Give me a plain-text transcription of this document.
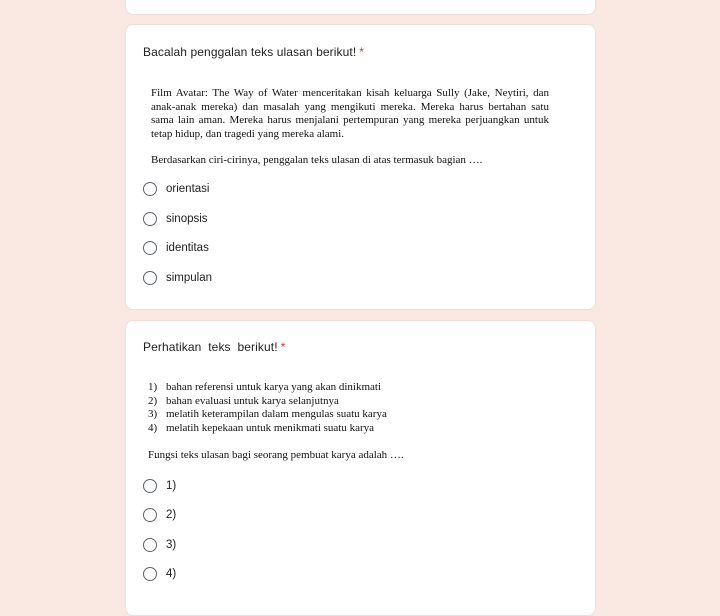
Bacalah penggalan teks ulasan berikut! *
Film Avatar: The Way of Water menceritakan kisah keluarga Sully (Jake, Neytiri, dan anak-anak mereka) dan masalah yang mengikuti mereka. Mereka harus bertahan satu sama lain aman. Mereka harus menjalani pertempuran yang mereka perjuangkan untuk tetap hidup, dan tragedi yang mereka alami.
Berdasarkan ciri-cirinya, penggalan teks ulasan di atas termasuk bagian ….
orientasi
sinopsis
identitas
simpulan
Perhatikan  teks  berikut! *
1) bahan referensi untuk karya yang akan dinikmati
2) bahan evaluasi untuk karya selanjutnya
3) melatih keterampilan dalam mengulas suatu karya
4) melatih kepekaan untuk menikmati suatu karya
Fungsi teks ulasan bagi seorang pembuat karya adalah ….
1)
2)
3)
4)
